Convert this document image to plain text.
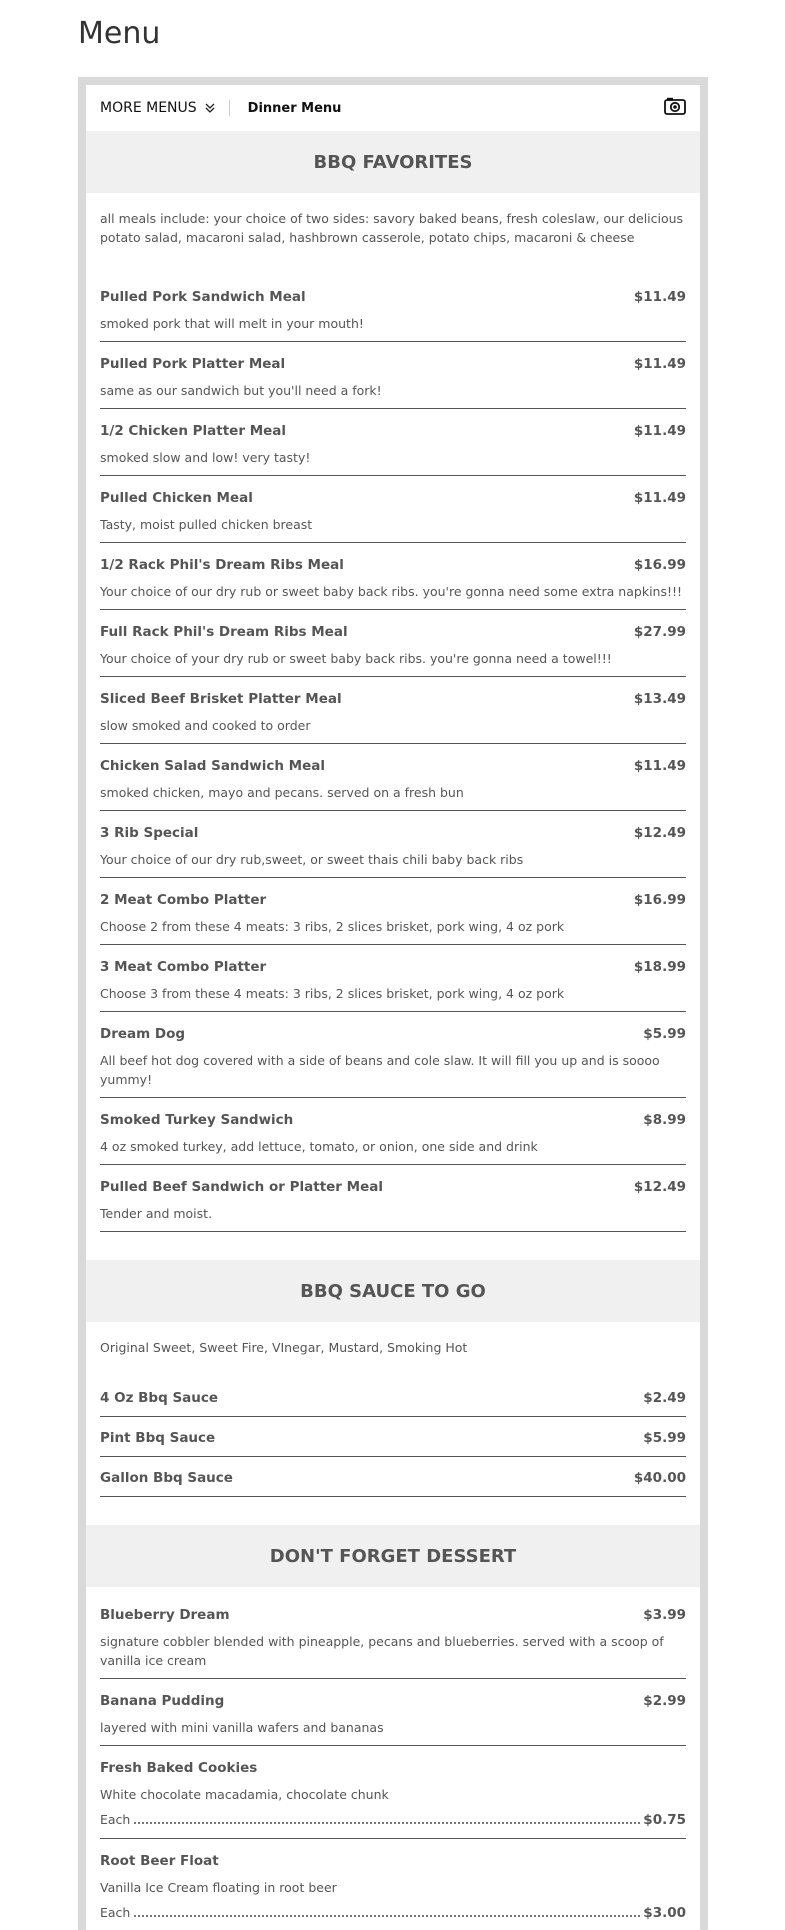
Menu
MORE MENUS	Dinner Menu
BBQ FAVORITES

all meals include: your choice of two sides: savory baked beans, fresh coleslaw, our delicious potato salad, macaroni salad, hashbrown casserole, potato chips, macaroni & cheese

Pulled Pork Sandwich Meal	$11.49

smoked pork that will melt in your mouth!

Pulled Pork Platter Meal	$11.49

same as our sandwich but you'll need a fork!

1/2 Chicken Platter Meal	$11.49

smoked slow and low! very tasty!

Pulled Chicken Meal	$11.49

Tasty, moist pulled chicken breast

1/2 Rack Phil's Dream Ribs Meal	$16.99

Your choice of our dry rub or sweet baby back ribs. you're gonna need some extra napkins!!!

Full Rack Phil's Dream Ribs Meal	$27.99

Your choice of your dry rub or sweet baby back ribs. you're gonna need a towel!!!

Sliced Beef Brisket Platter Meal	$13.49

slow smoked and cooked to order

Chicken Salad Sandwich Meal	$11.49

smoked chicken, mayo and pecans. served on a fresh bun

3 Rib Special	$12.49

Your choice of our dry rub,sweet, or sweet thais chili baby back ribs

2 Meat Combo Platter	$16.99

Choose 2 from these 4 meats: 3 ribs, 2 slices brisket, pork wing, 4 oz pork

3 Meat Combo Platter	$18.99

Choose 3 from these 4 meats: 3 ribs, 2 slices brisket, pork wing, 4 oz pork

Dream Dog	$5.99

All beef hot dog covered with a side of beans and cole slaw. It will fill you up and is soooo yummy!

Smoked Turkey Sandwich	$8.99

4 oz smoked turkey, add lettuce, tomato, or onion, one side and drink

Pulled Beef Sandwich or Platter Meal	$12.49

Tender and moist.

BBQ SAUCE TO GO

Original Sweet, Sweet Fire, VInegar, Mustard, Smoking Hot

4 Oz Bbq Sauce	$2.49
Pint Bbq Sauce	$5.99
Gallon Bbq Sauce	$40.00
DON'T FORGET DESSERT
Blueberry Dream	$3.99

signature cobbler blended with pineapple, pecans and blueberries. served with a scoop of vanilla ice cream

Banana Pudding	$2.99

layered with mini vanilla wafers and bananas

Fresh Baked Cookies

White chocolate macadamia, chocolate chunk

Each	$0.75
Root Beer Float

Vanilla Ice Cream floating in root beer

Each	$3.00
